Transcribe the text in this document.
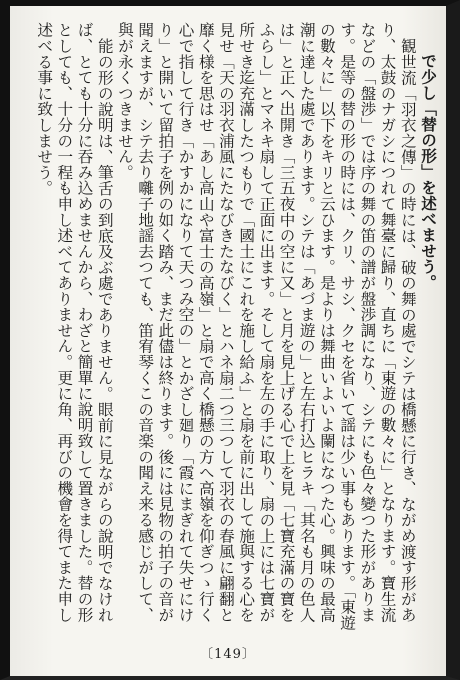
で少し「替の形」を述べませう。

観世流「羽衣之傳」の時には、破の舞の處でシテは橋懸に行き、ながめ渡す形があり、太鼓のナガシにつれて舞臺に歸り、直ちに「東遊の數々に」となります。寶生流などの「盤渉」では序の舞の笛の譜が盤渉調になり、シテにも色々變つた形があります。是等の替の形の時には、クリ、サシ、クセを省いて謡は少い事もあります。「東遊の數々に」以下をキリと云ひます。是よりは舞曲いよいよ闌になつた心。興味の最高潮に達した處であります。シテは「あづま遊の」と左右打込ヒラキ「其名も月の色人は」と正へ出開き「三五夜中の空に又」と月を見上げる心で上を見「七寶充滿の寶をふらし」とマネキ扇して正面に出ます。そして扇を左の手に取り、扇の上には七寶が所せき迄充滿したつもりで「國土にこれを施し給ふ」と扇を前に出して施與する心を見せ「天の羽衣浦風にたなびきたなびく」とハネ扇二つ三つして羽衣の春風に翩翻と靡く様を思はせ「あし高山や富士の高嶺」と扇で高く橋懸の方へ高嶺を仰ぎつゝ行く心で指して行き「かすかになりて天つみ空の」とかざし廻り「霞にまぎれて失せにけり」と開いて留拍子を例の如く踏み、まだ此儘は終ります。後には見物の拍子の音が聞えますが、シテ去り囃子地謡去つても、笛宥琴くこの音楽の聞え来る感じがして、與が永くつきません。

能の形の說明は、筆舌の到底及ぶ處でありません。眼前に見ながらの說明でなければ、とても十分に吞み込めませんから、わざと簡單に說明致して置きました。替の形としても、十分の一程も申し述べてありません。更に角、再びの機會を得てまた申し述べる事に致しませう。

〔149〕
